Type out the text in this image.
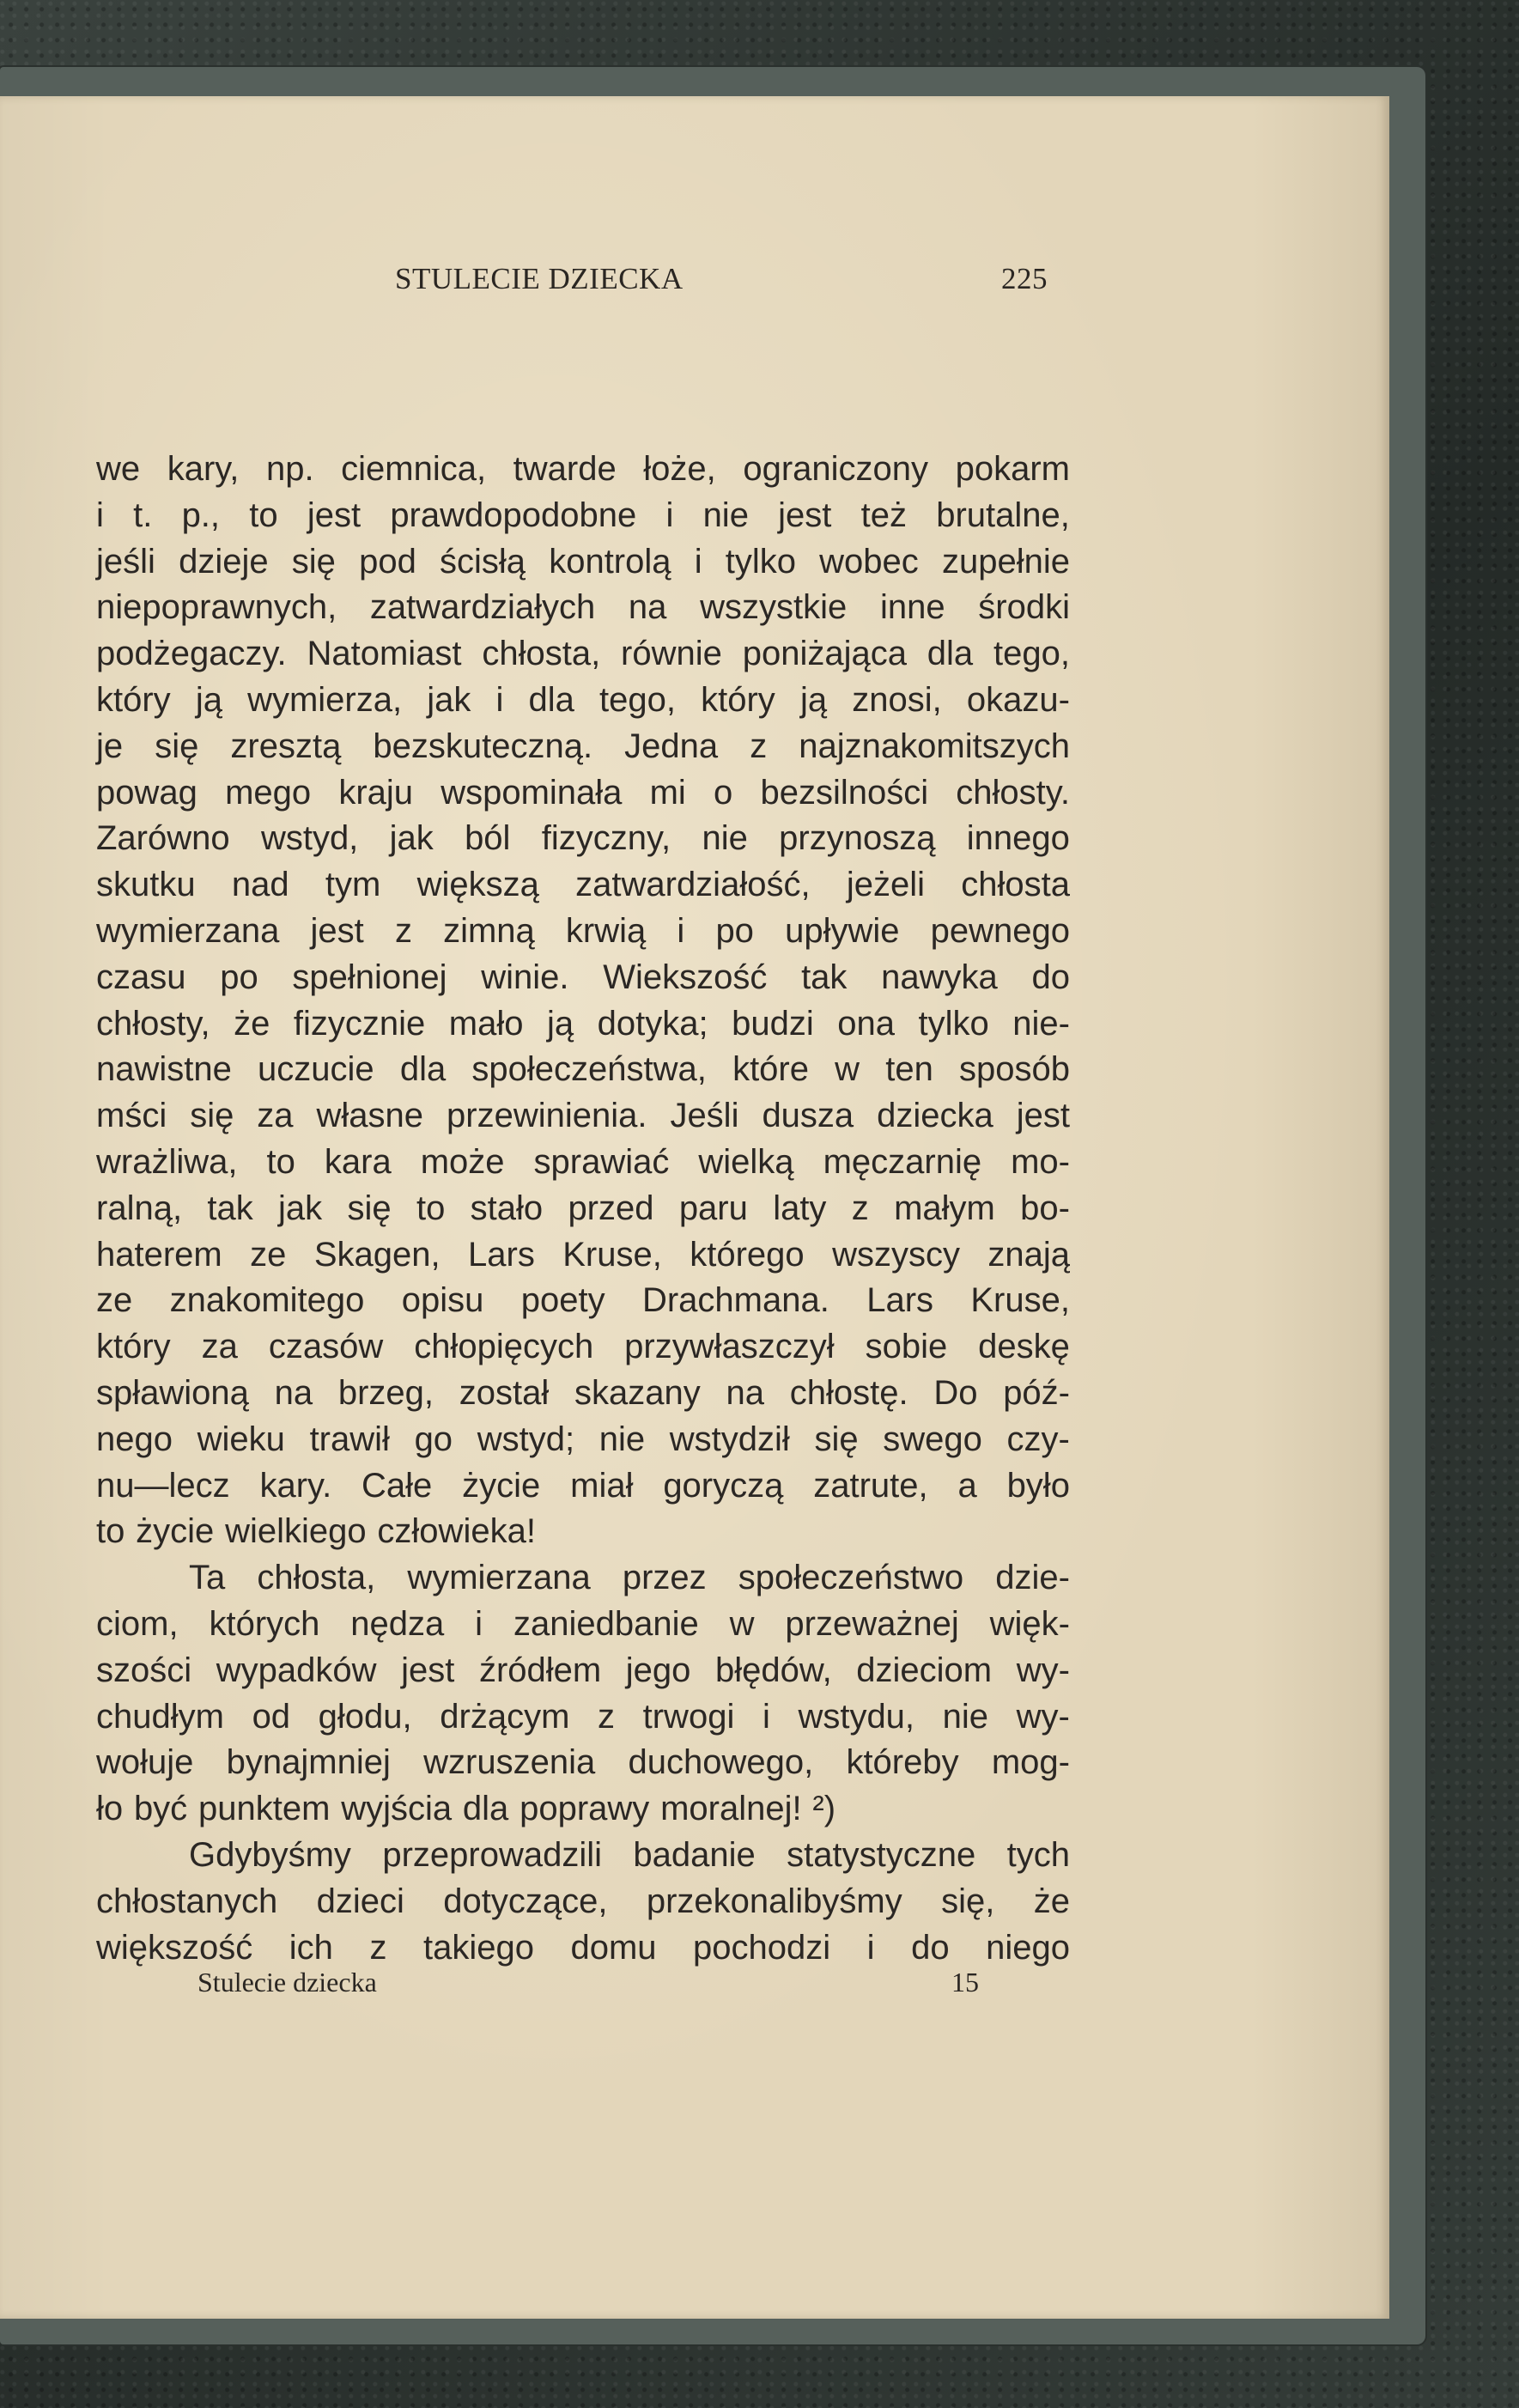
STULECIE DZIECKA	225
we kary, np. ciemnica, twarde łoże, ograniczony pokarm
i t. p., to jest prawdopodobne i nie jest też brutalne,
jeśli dzieje się pod ścisłą kontrolą i tylko wobec zupełnie
niepoprawnych, zatwardziałych na wszystkie inne środki
podżegaczy. Natomiast chłosta, równie poniżająca dla tego,
który ją wymierza, jak i dla tego, który ją znosi, okazu-
je się zresztą bezskuteczną. Jedna z najznakomitszych
powag mego kraju wspominała mi o bezsilności chłosty.
Zarówno wstyd, jak ból fizyczny, nie przynoszą innego
skutku nad tym większą zatwardziałość, jeżeli chłosta
wymierzana jest z zimną krwią i po upływie pewnego
czasu po spełnionej winie. Wiekszość tak nawyka do
chłosty, że fizycznie mało ją dotyka; budzi ona tylko nie-
nawistne uczucie dla społeczeństwa, które w ten sposób
mści się za własne przewinienia. Jeśli dusza dziecka jest
wrażliwa, to kara może sprawiać wielką męczarnię mo-
ralną, tak jak się to stało przed paru laty z małym bo-
haterem ze Skagen, Lars Kruse, którego wszyscy znają
ze znakomitego opisu poety Drachmana. Lars Kruse,
który za czasów chłopięcych przywłaszczył sobie deskę
spławioną na brzeg, został skazany na chłostę. Do póź-
nego wieku trawił go wstyd; nie wstydził się swego czy-
nu—lecz kary. Całe życie miał goryczą zatrute, a było
to życie wielkiego człowieka!
Ta chłosta, wymierzana przez społeczeństwo dzie-
ciom, których nędza i zaniedbanie w przeważnej więk-
szości wypadków jest źródłem jego błędów, dzieciom wy-
chudłym od głodu, drżącym z trwogi i wstydu, nie wy-
wołuje bynajmniej wzruszenia duchowego, któreby mog-
ło być punktem wyjścia dla poprawy moralnej! ²)
Gdybyśmy przeprowadzili badanie statystyczne tych
chłostanych dzieci dotyczące, przekonalibyśmy się, że
większość ich z takiego domu pochodzi i do niego
Stulecie dziecka	15
